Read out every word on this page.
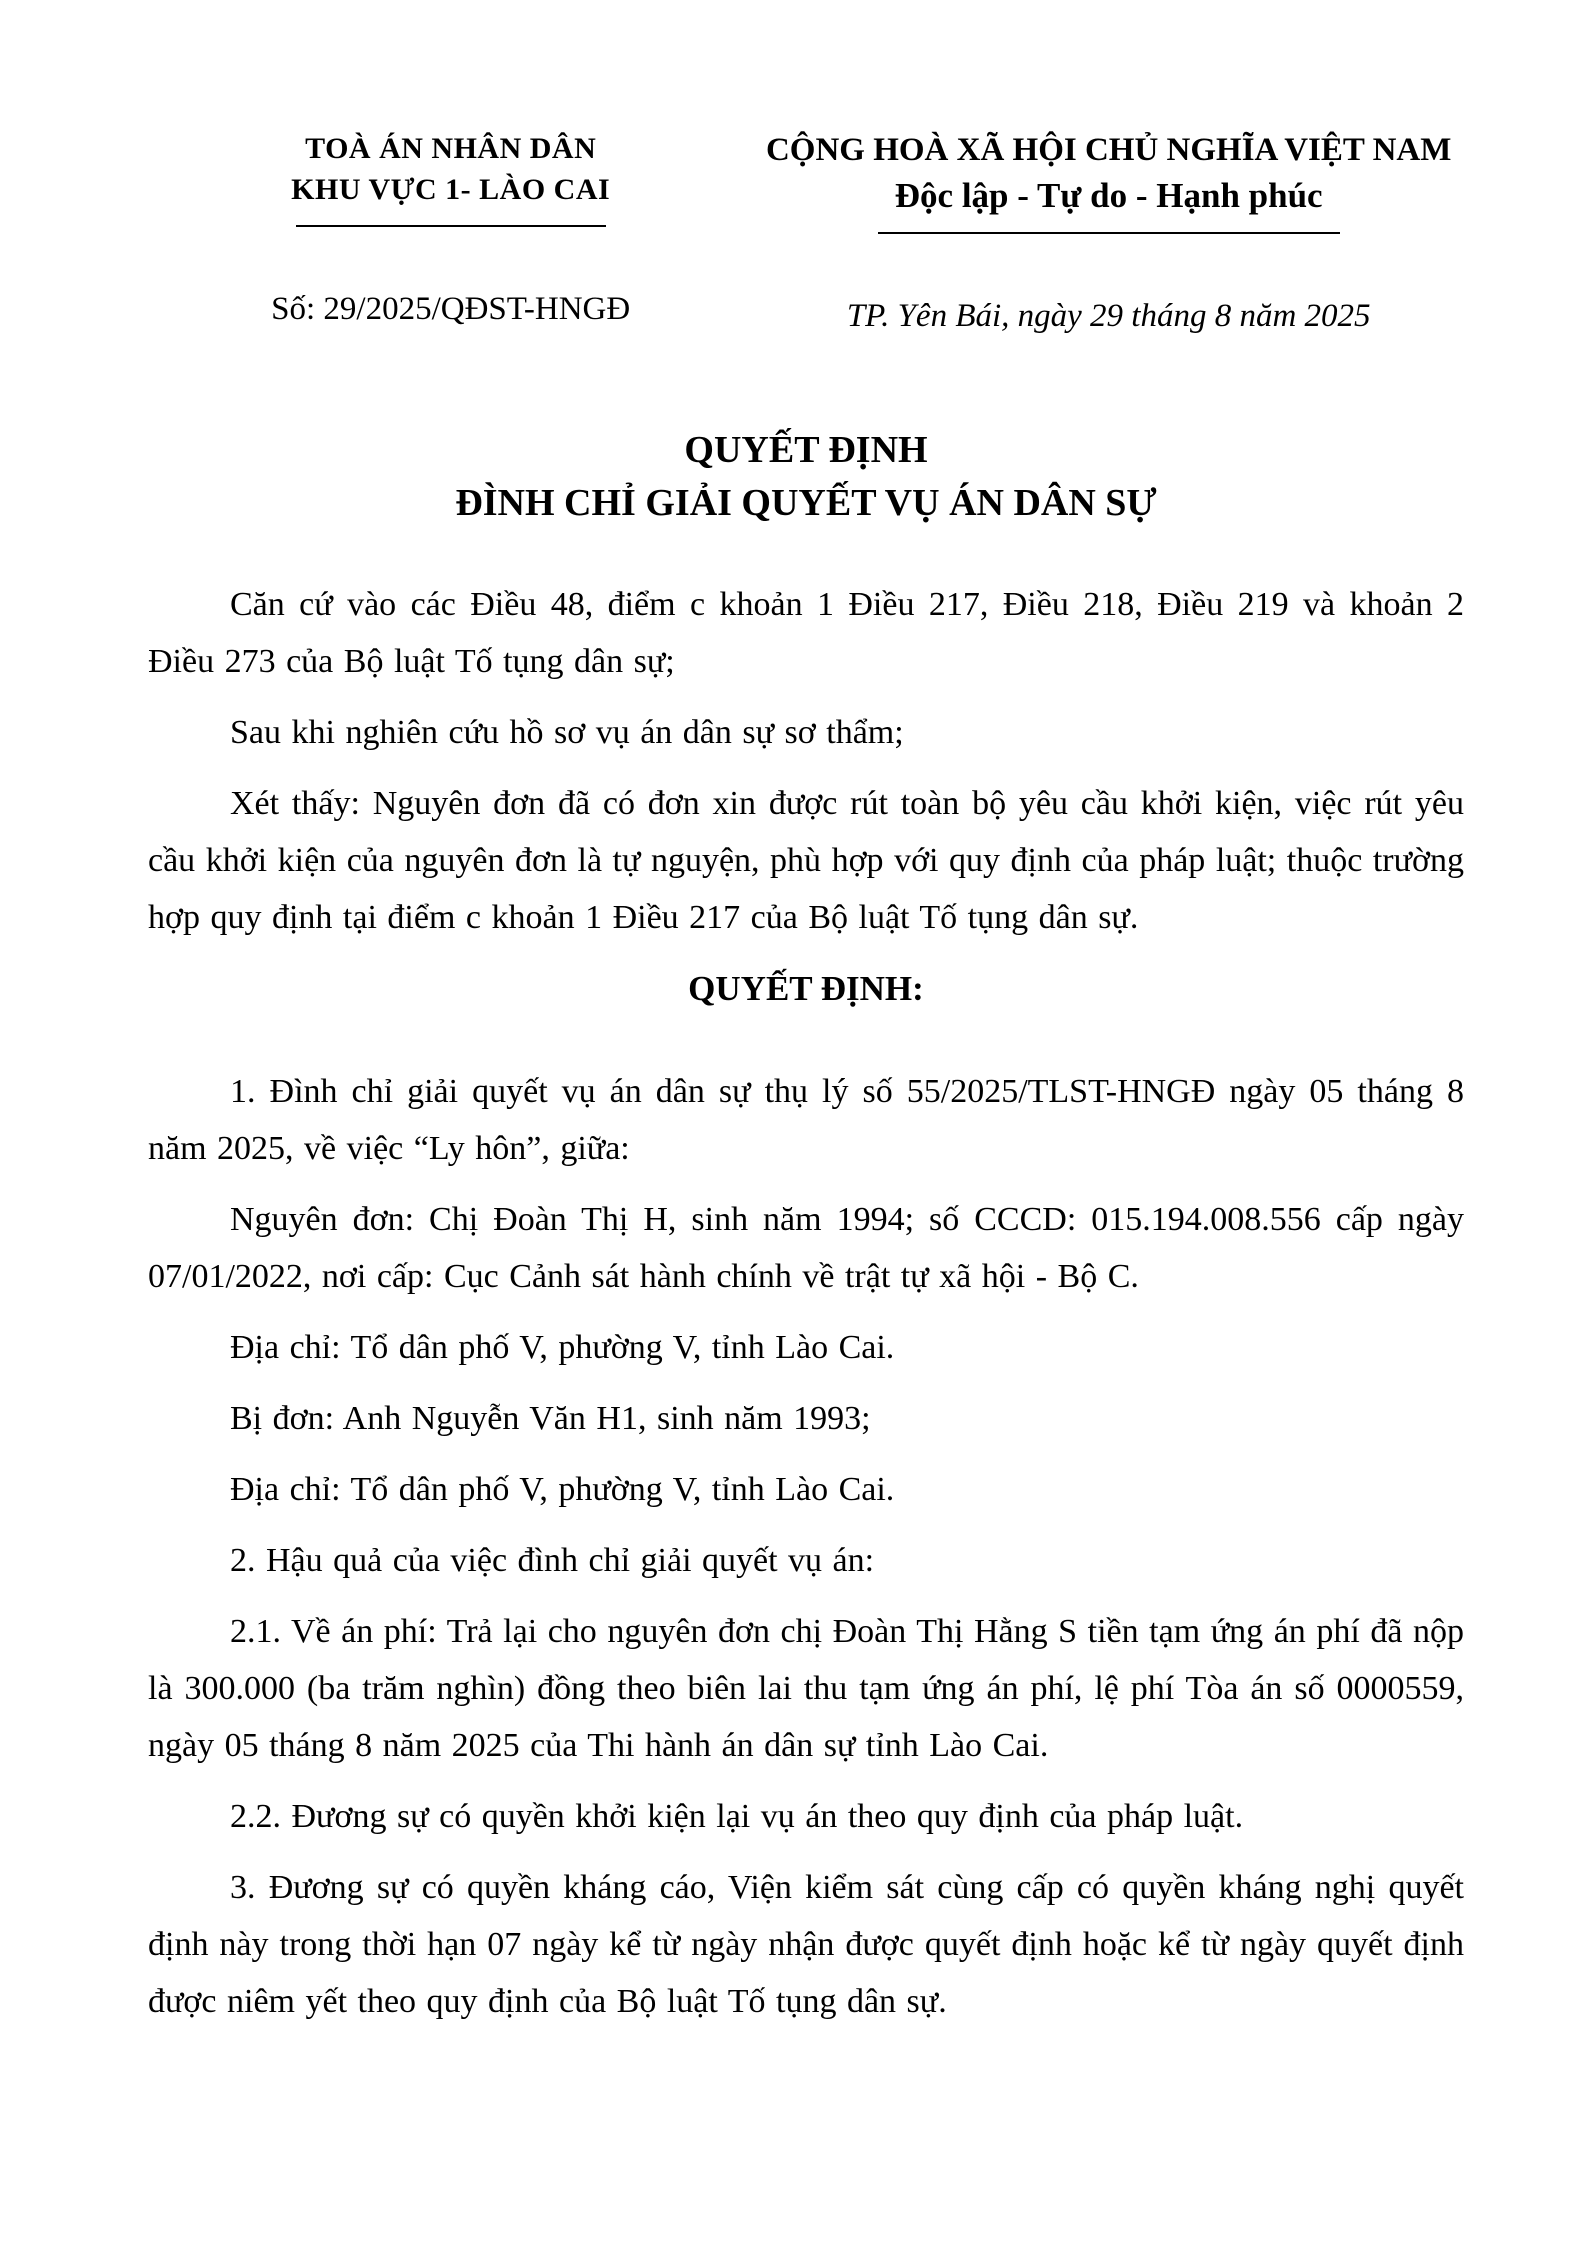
TOÀ ÁN NHÂN DÂN
KHU VỰC 1- LÀO CAI
Số: 29/2025/QĐST-HNGĐ
CỘNG HOÀ XÃ HỘI CHỦ NGHĨA VIỆT NAM
Độc lập - Tự do - Hạnh phúc
TP. Yên Bái, ngày 29 tháng 8 năm 2025
QUYẾT ĐỊNH
ĐÌNH CHỈ GIẢI QUYẾT VỤ ÁN DÂN SỰ

Căn cứ vào các Điều 48, điểm c khoản 1 Điều 217, Điều 218, Điều 219 và khoản 2 Điều 273 của Bộ luật Tố tụng dân sự;

Sau khi nghiên cứu hồ sơ vụ án dân sự sơ thẩm;

Xét thấy: Nguyên đơn đã có đơn xin được rút toàn bộ yêu cầu khởi kiện, việc rút yêu cầu khởi kiện của nguyên đơn là tự nguyện, phù hợp với quy định của pháp luật; thuộc trường hợp quy định tại điểm c khoản 1 Điều 217 của Bộ luật Tố tụng dân sự.

QUYẾT ĐỊNH:

1. Đình chỉ giải quyết vụ án dân sự thụ lý số 55/2025/TLST-HNGĐ ngày 05 tháng 8 năm 2025, về việc “Ly hôn”, giữa:

Nguyên đơn: Chị Đoàn Thị H, sinh năm 1994; số CCCD: 015.194.008.556 cấp ngày 07/01/2022, nơi cấp: Cục Cảnh sát hành chính về trật tự xã hội - Bộ C.

Địa chỉ: Tổ dân phố V, phường V, tỉnh Lào Cai.

Bị đơn: Anh Nguyễn Văn H1, sinh năm 1993;

Địa chỉ: Tổ dân phố V, phường V, tỉnh Lào Cai.

2. Hậu quả của việc đình chỉ giải quyết vụ án:

2.1. Về án phí: Trả lại cho nguyên đơn chị Đoàn Thị Hằng S tiền tạm ứng án phí đã nộp là 300.000 (ba trăm nghìn) đồng theo biên lai thu tạm ứng án phí, lệ phí Tòa án số 0000559, ngày 05 tháng 8 năm 2025 của Thi hành án dân sự tỉnh Lào Cai.

2.2. Đương sự có quyền khởi kiện lại vụ án theo quy định của pháp luật.

3. Đương sự có quyền kháng cáo, Viện kiểm sát cùng cấp có quyền kháng nghị quyết định này trong thời hạn 07 ngày kể từ ngày nhận được quyết định hoặc kể từ ngày quyết định được niêm yết theo quy định của Bộ luật Tố tụng dân sự.
